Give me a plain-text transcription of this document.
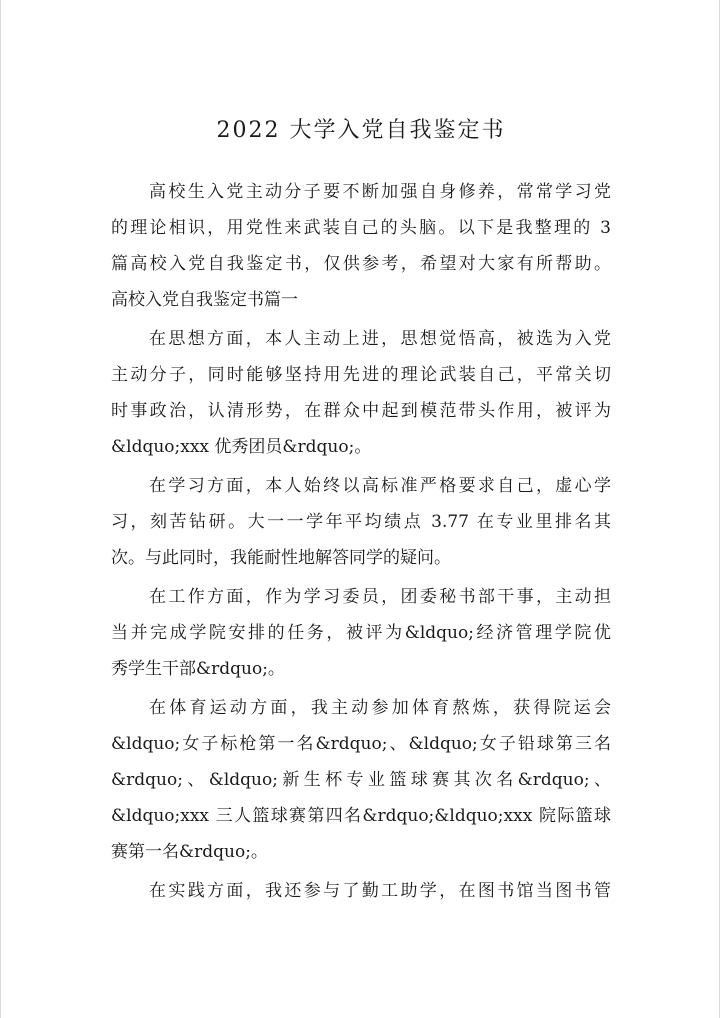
2022 大学入党自我鉴定书
高校生入党主动分子要不断加强自身修养，常常学习党
的理论相识，用党性来武装自己的头脑。以下是我整理的 3
篇高校入党自我鉴定书，仅供参考，希望对大家有所帮助。
高校入党自我鉴定书篇一
在思想方面，本人主动上进，思想觉悟高，被选为入党
主动分子，同时能够坚持用先进的理论武装自己，平常关切
时事政治，认清形势，在群众中起到模范带头作用，被评为
&ldquo;xxx 优秀团员&rdquo;。
在学习方面，本人始终以高标准严格要求自己，虚心学
习，刻苦钻研。大一一学年平均绩点 3.77 在专业里排名其
次。与此同时，我能耐性地解答同学的疑问。
在工作方面，作为学习委员，团委秘书部干事，主动担
当并完成学院安排的任务，被评为&ldquo;经济管理学院优
秀学生干部&rdquo;。
在体育运动方面，我主动参加体育熬炼，获得院运会
&ldquo;女子标枪第一名&rdquo;、&ldquo;女子铅球第三名
&rdquo;、&ldquo;新生杯专业篮球赛其次名&rdquo;、
&ldquo;xxx 三人篮球赛第四名&rdquo;&ldquo;xxx 院际篮球
赛第一名&rdquo;。
在实践方面，我还参与了勤工助学，在图书馆当图书管
